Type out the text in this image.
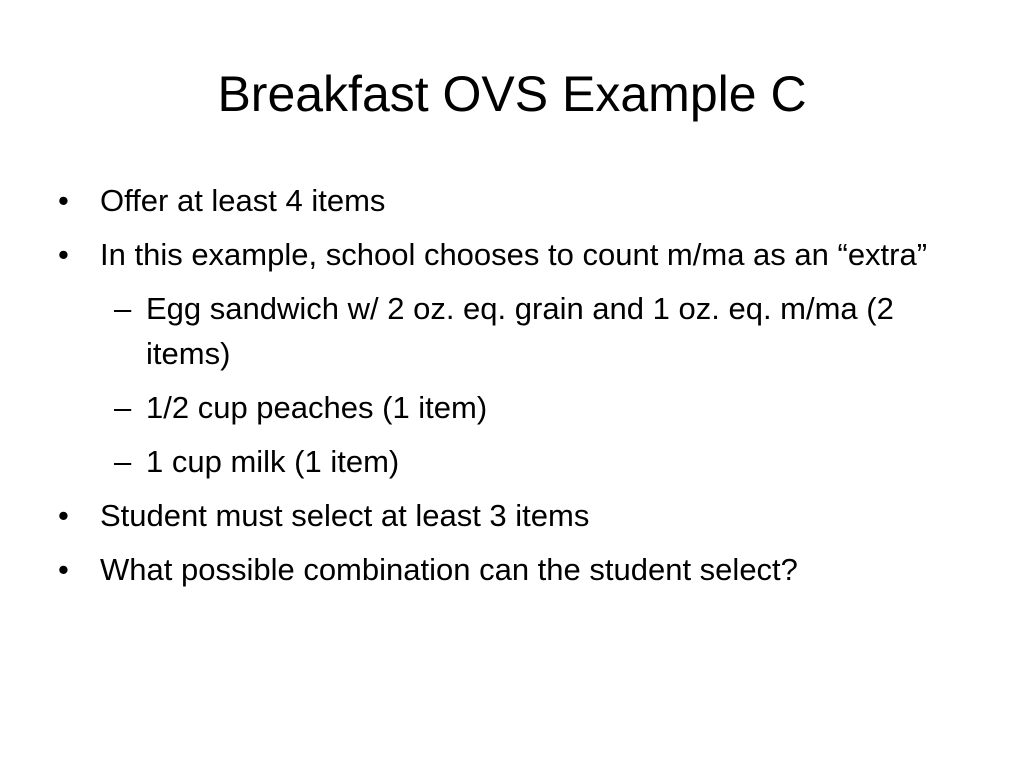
Breakfast OVS Example C
•	Offer at least 4 items
•	In this example, school chooses to count m/ma as an “extra”
– Egg sandwich w/ 2 oz. eq. grain and 1 oz. eq. m/ma (2 items)
– 1/2 cup peaches (1 item)
– 1 cup milk (1 item)
•	Student must select at least 3 items
•	What possible combination can the student select?
